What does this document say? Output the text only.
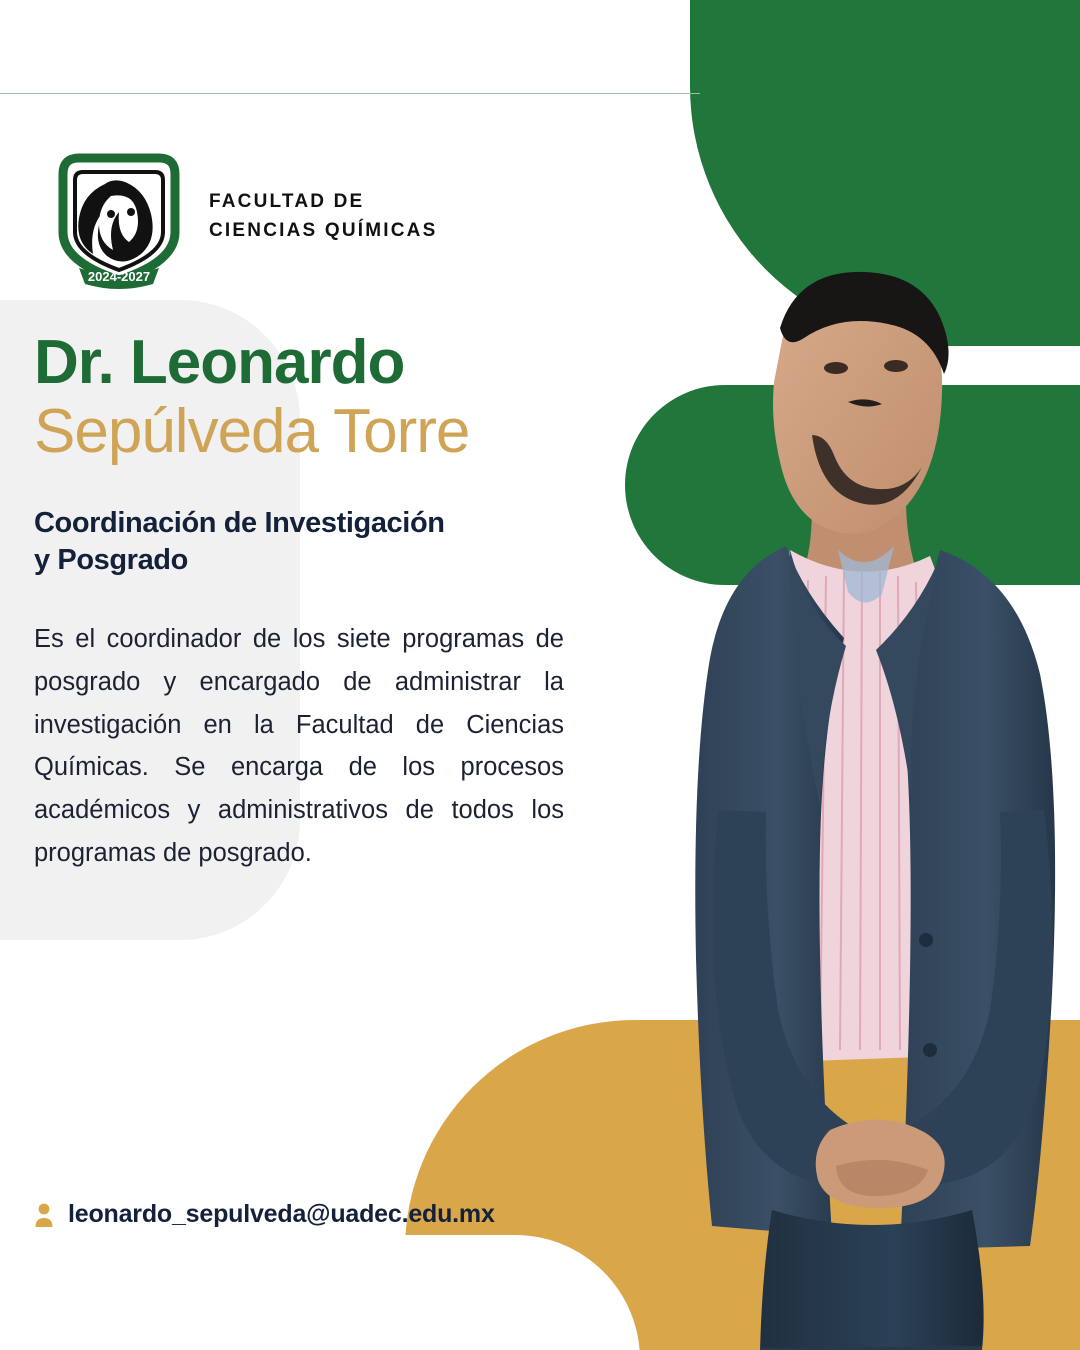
2024-2027
FACULTAD DE
CIENCIAS QUÍMICAS
Dr. Leonardo
Sepúlveda Torre
Coordinación de Investigación
y Posgrado
Es el coordinador de los siete programas de posgrado y encargado de administrar la investigación en la Facultad de Ciencias Químicas. Se encarga de los procesos académicos y administrativos de todos los programas de posgrado.
leonardo_sepulveda@uadec.edu.mx
